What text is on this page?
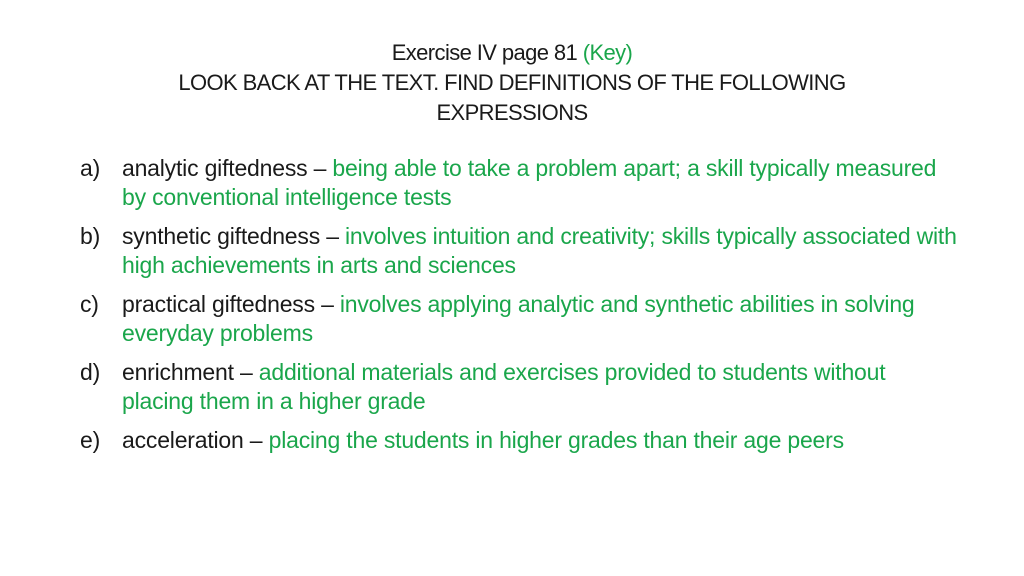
Exercise IV page 81 (Key)
LOOK BACK AT THE TEXT. FIND DEFINITIONS OF THE FOLLOWING
EXPRESSIONS
a) analytic giftedness – being able to take a problem apart; a skill typically measured by conventional intelligence tests
b) synthetic giftedness – involves intuition and creativity; skills typically associated with high achievements in arts and sciences
c)	practical giftedness – involves applying analytic and synthetic abilities in solving everyday problems
d) enrichment – additional materials and exercises provided to students without placing them in a higher grade
e) acceleration – placing the students in higher grades than their age peers
